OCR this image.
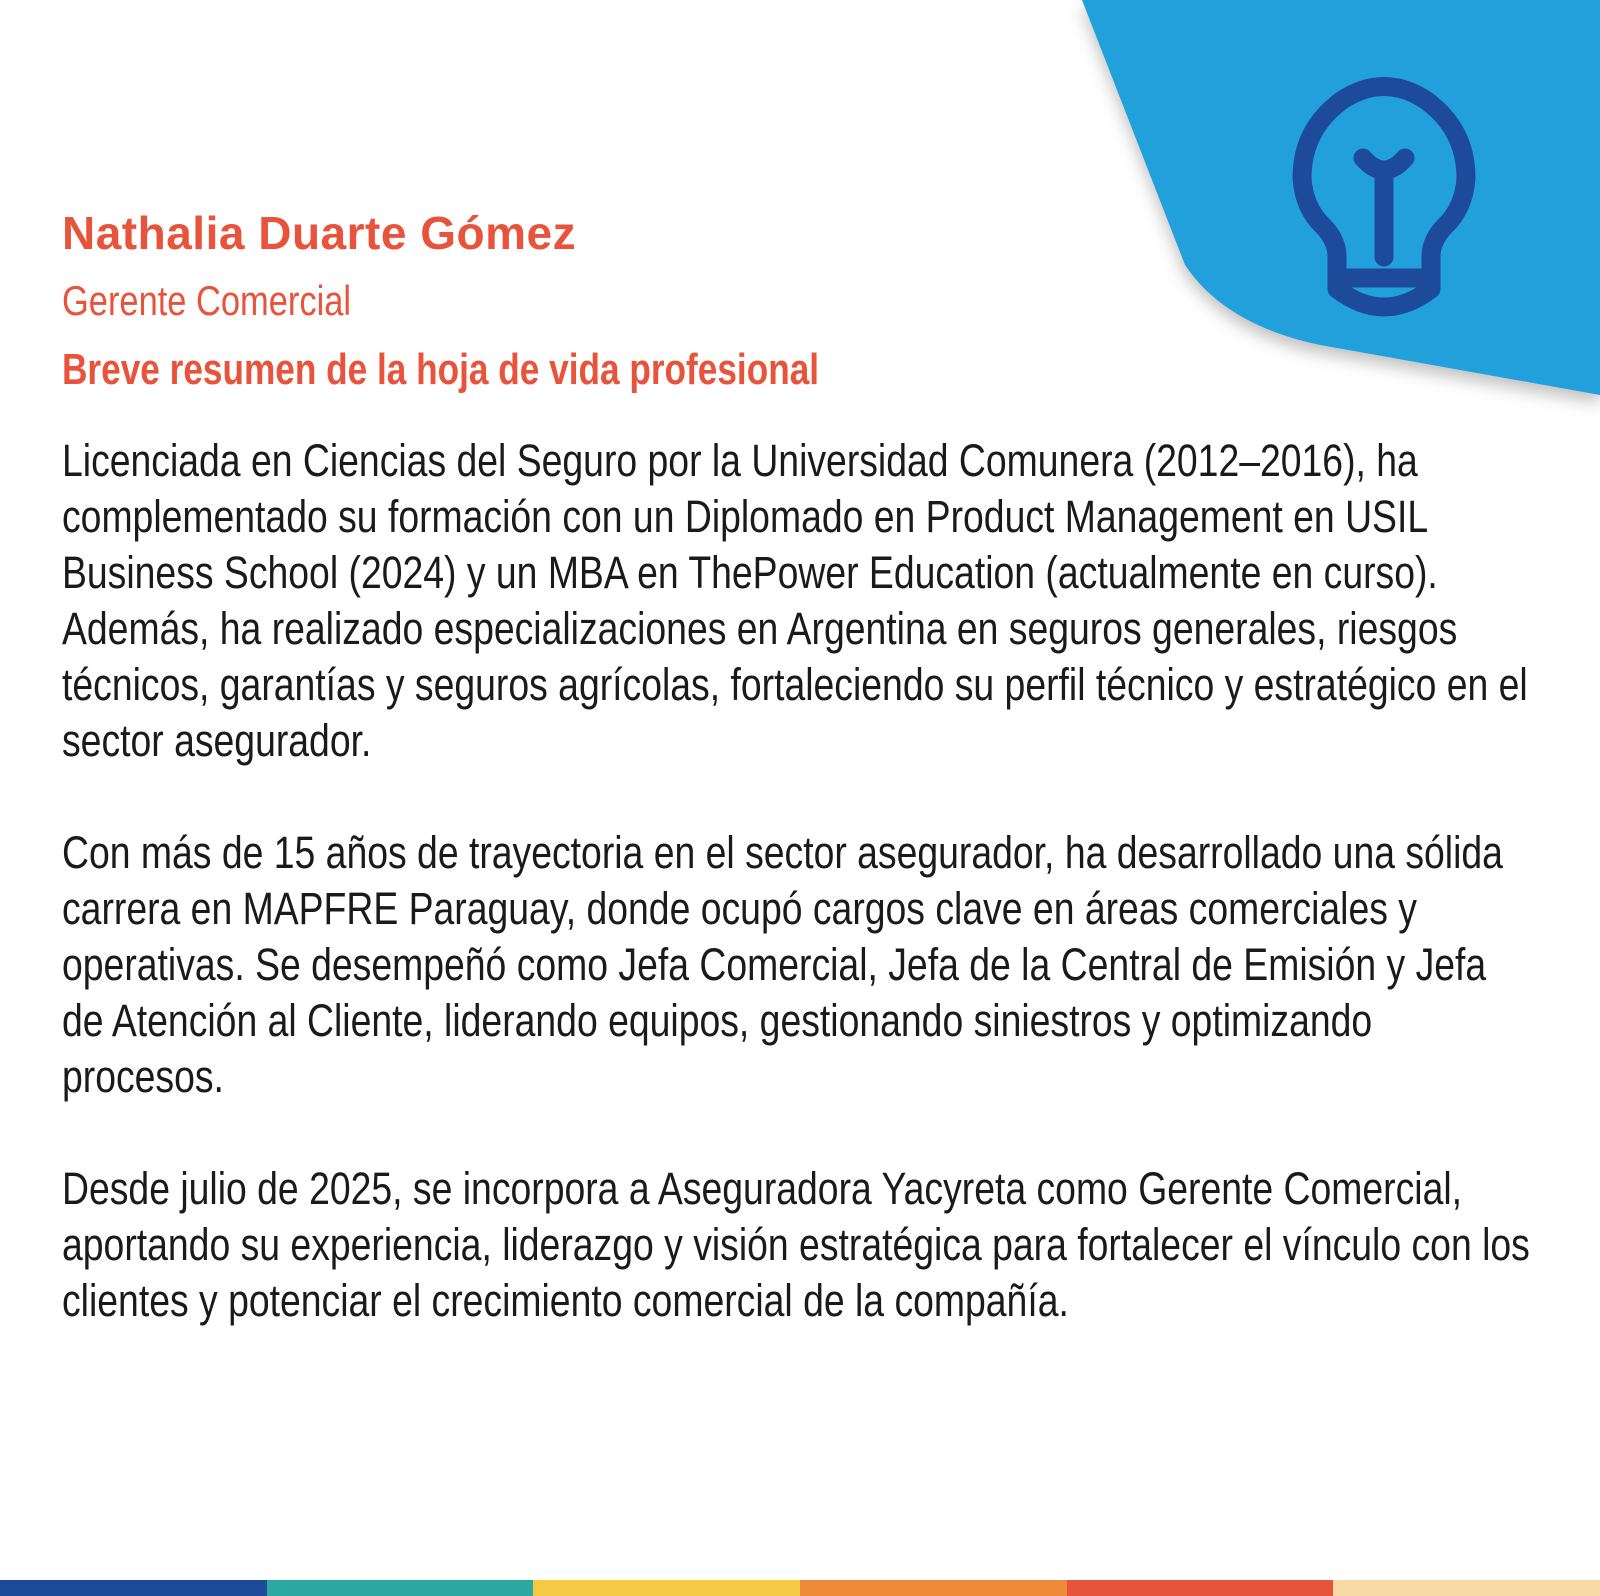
Nathalia Duarte Gómez
Gerente Comercial
Breve resumen de la hoja de vida profesional

Licenciada en Ciencias del Seguro por la Universidad Comunera (2012–2016), ha complementado su formación con un Diplomado en Product Management en USIL Business School (2024) y un MBA en ThePower Education (actualmente en curso). Además, ha realizado especializaciones en Argentina en seguros generales, riesgos técnicos, garantías y seguros agrícolas, fortaleciendo su perfil técnico y estratégico en el sector asegurador.

Con más de 15 años de trayectoria en el sector asegurador, ha desarrollado una sólida carrera en MAPFRE Paraguay, donde ocupó cargos clave en áreas comerciales y operativas. Se desempeñó como Jefa Comercial, Jefa de la Central de Emisión y Jefa de Atención al Cliente, liderando equipos, gestionando siniestros y optimizando procesos.

Desde julio de 2025, se incorpora a Aseguradora Yacyreta como Gerente Comercial, aportando su experiencia, liderazgo y visión estratégica para fortalecer el vínculo con los clientes y potenciar el crecimiento comercial de la compañía.
